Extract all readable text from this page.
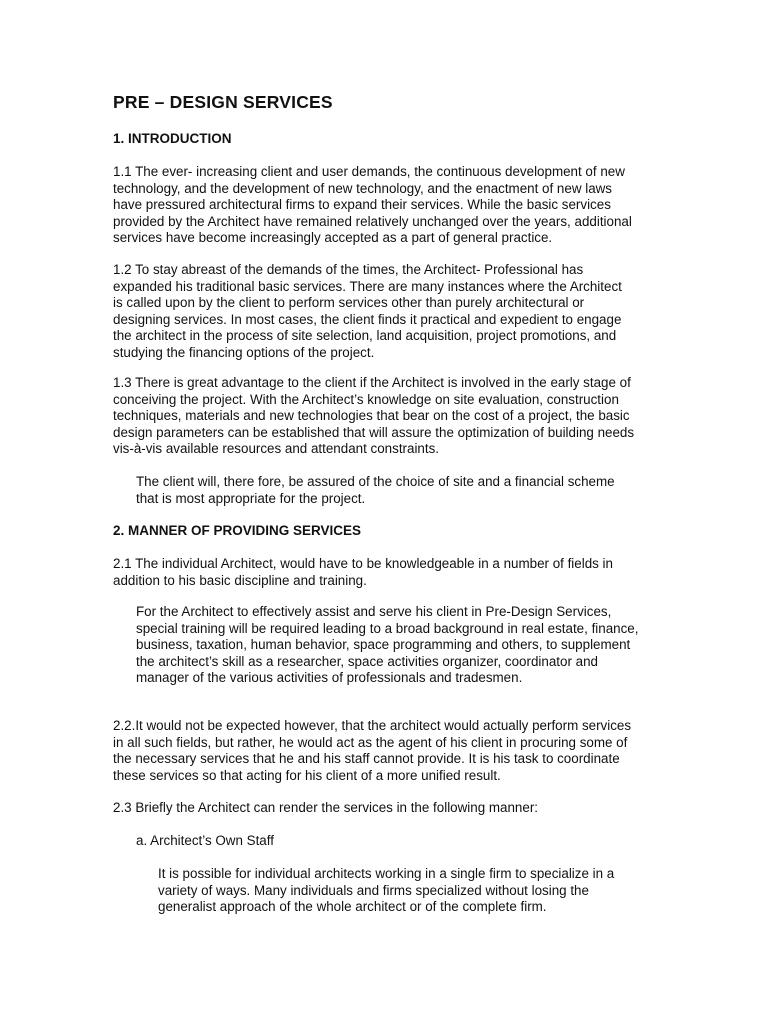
PRE – DESIGN SERVICES
1. INTRODUCTION
1.1 The ever- increasing client and user demands, the continuous development of new
technology, and the development of new technology, and the enactment of new laws
have pressured architectural firms to expand their services. While the basic services
provided by the Architect have remained relatively unchanged over the years, additional
services have become increasingly accepted as a part of general practice.
1.2 To stay abreast of the demands of the times, the Architect- Professional has
expanded his traditional basic services. There are many instances where the Architect
is called upon by the client to perform services other than purely architectural or
designing services. In most cases, the client finds it practical and expedient to engage
the architect in the process of site selection, land acquisition, project promotions, and
studying the financing options of the project.
1.3 There is great advantage to the client if the Architect is involved in the early stage of
conceiving the project. With the Architect’s knowledge on site evaluation, construction
techniques, materials and new technologies that bear on the cost of a project, the basic
design parameters can be established that will assure the optimization of building needs
vis-à-vis available resources and attendant constraints.
The client will, there fore, be assured of the choice of site and a financial scheme
that is most appropriate for the project.
2. MANNER OF PROVIDING SERVICES
2.1 The individual Architect, would have to be knowledgeable in a number of fields in
addition to his basic discipline and training.
For the Architect to effectively assist and serve his client in Pre-Design Services,
special training will be required leading to a broad background in real estate, finance,
business, taxation, human behavior, space programming and others, to supplement
the architect’s skill as a researcher, space activities organizer, coordinator and
manager of the various activities of professionals and tradesmen.
2.2.It would not be expected however, that the architect would actually perform services
in all such fields, but rather, he would act as the agent of his client in procuring some of
the necessary services that he and his staff cannot provide. It is his task to coordinate
these services so that acting for his client of a more unified result.
2.3 Briefly the Architect can render the services in the following manner:
a. Architect’s Own Staff
It is possible for individual architects working in a single firm to specialize in a
variety of ways. Many individuals and firms specialized without losing the
generalist approach of the whole architect or of the complete firm.
